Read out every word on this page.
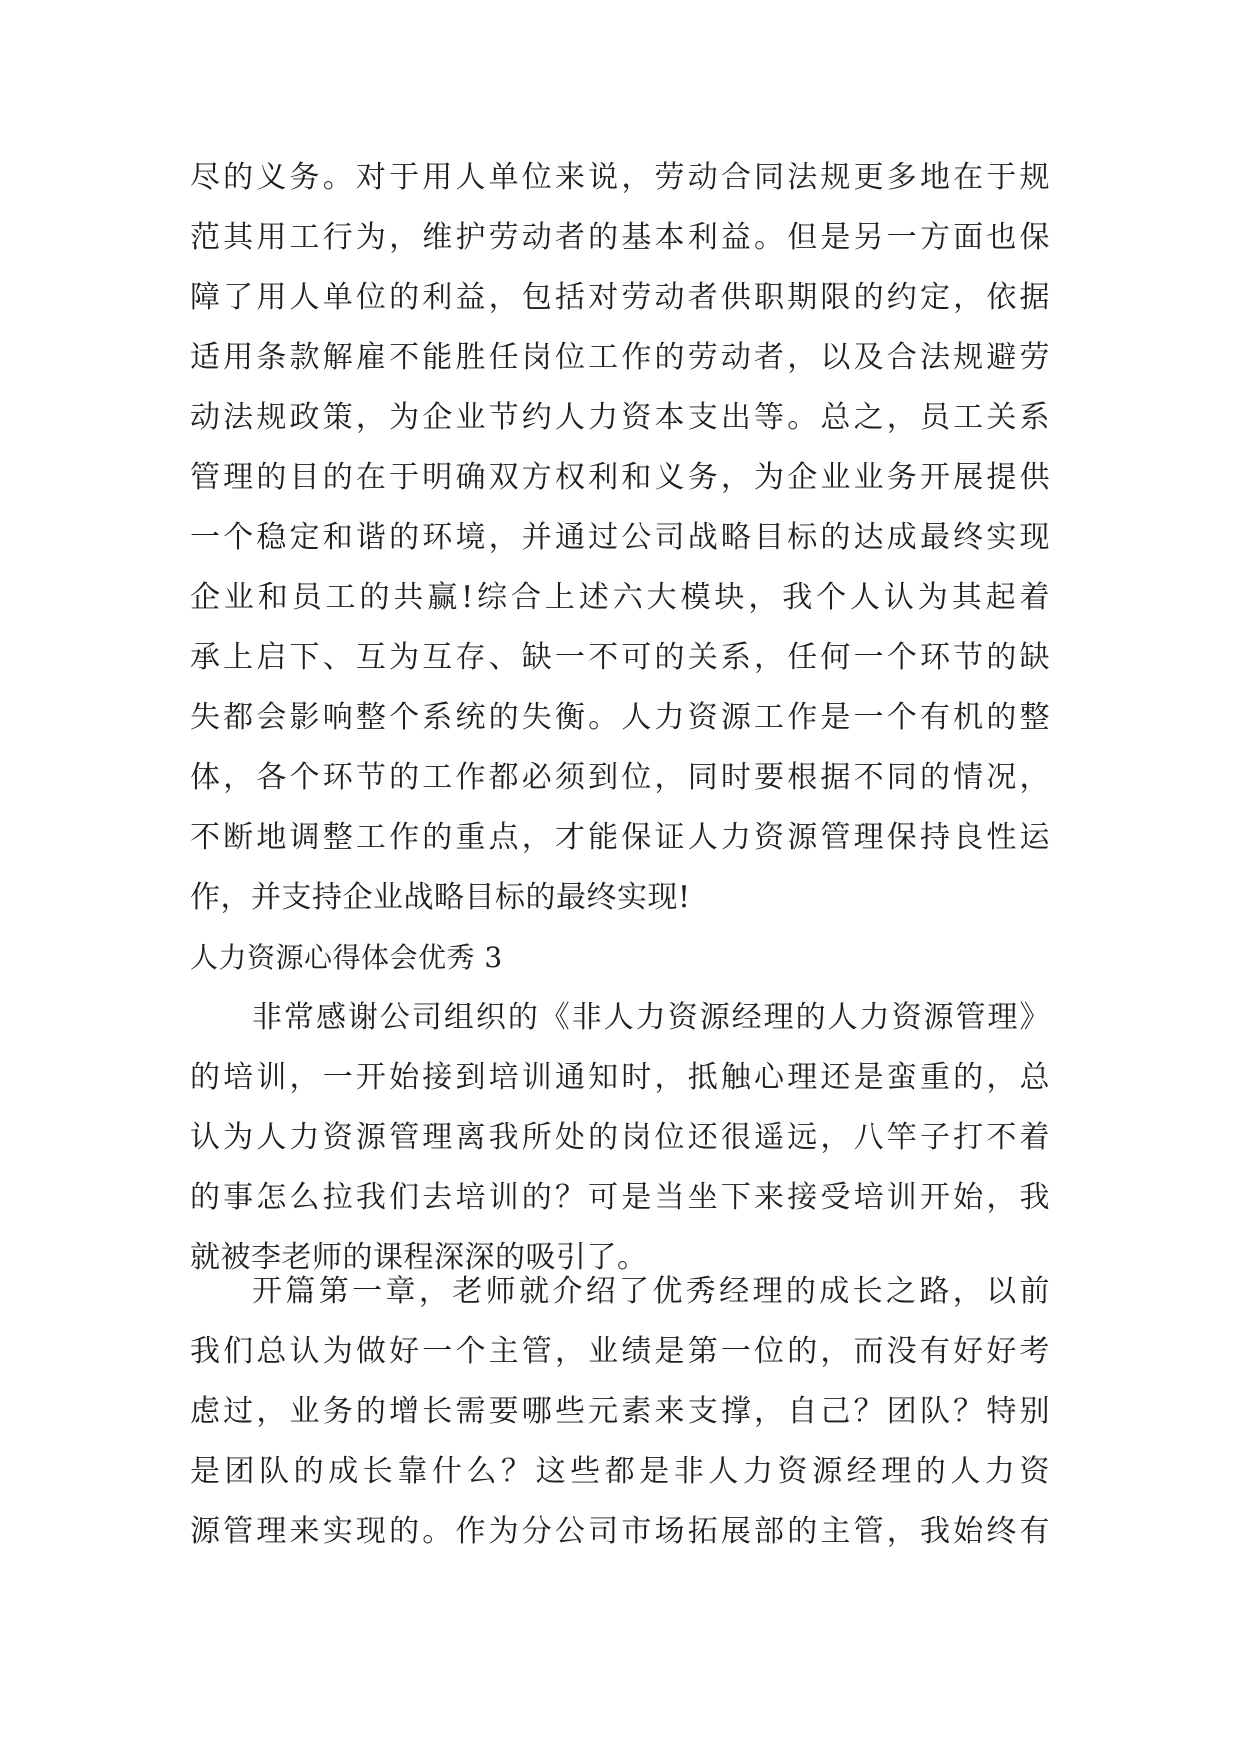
尽的义务。对于用人单位来说，劳动合同法规更多地在于规
范其用工行为，维护劳动者的基本利益。但是另一方面也保
障了用人单位的利益，包括对劳动者供职期限的约定，依据
适用条款解雇不能胜任岗位工作的劳动者，以及合法规避劳
动法规政策，为企业节约人力资本支出等。总之，员工关系
管理的目的在于明确双方权利和义务，为企业业务开展提供
一个稳定和谐的环境，并通过公司战略目标的达成最终实现
企业和员工的共赢!综合上述六大模块，我个人认为其起着
承上启下、互为互存、缺一不可的关系，任何一个环节的缺
失都会影响整个系统的失衡。人力资源工作是一个有机的整
体，各个环节的工作都必须到位，同时要根据不同的情况，
不断地调整工作的重点，才能保证人力资源管理保持良性运
作，并支持企业战略目标的最终实现!
人力资源心得体会优秀 3
非常感谢公司组织的《非人力资源经理的人力资源管理》
的培训，一开始接到培训通知时，抵触心理还是蛮重的，总
认为人力资源管理离我所处的岗位还很遥远，八竿子打不着
的事怎么拉我们去培训的？可是当坐下来接受培训开始，我
就被李老师的课程深深的吸引了。
开篇第一章，老师就介绍了优秀经理的成长之路，以前
我们总认为做好一个主管，业绩是第一位的，而没有好好考
虑过，业务的增长需要哪些元素来支撑，自己？团队？特别
是团队的成长靠什么？这些都是非人力资源经理的人力资
源管理来实现的。作为分公司市场拓展部的主管，我始终有
